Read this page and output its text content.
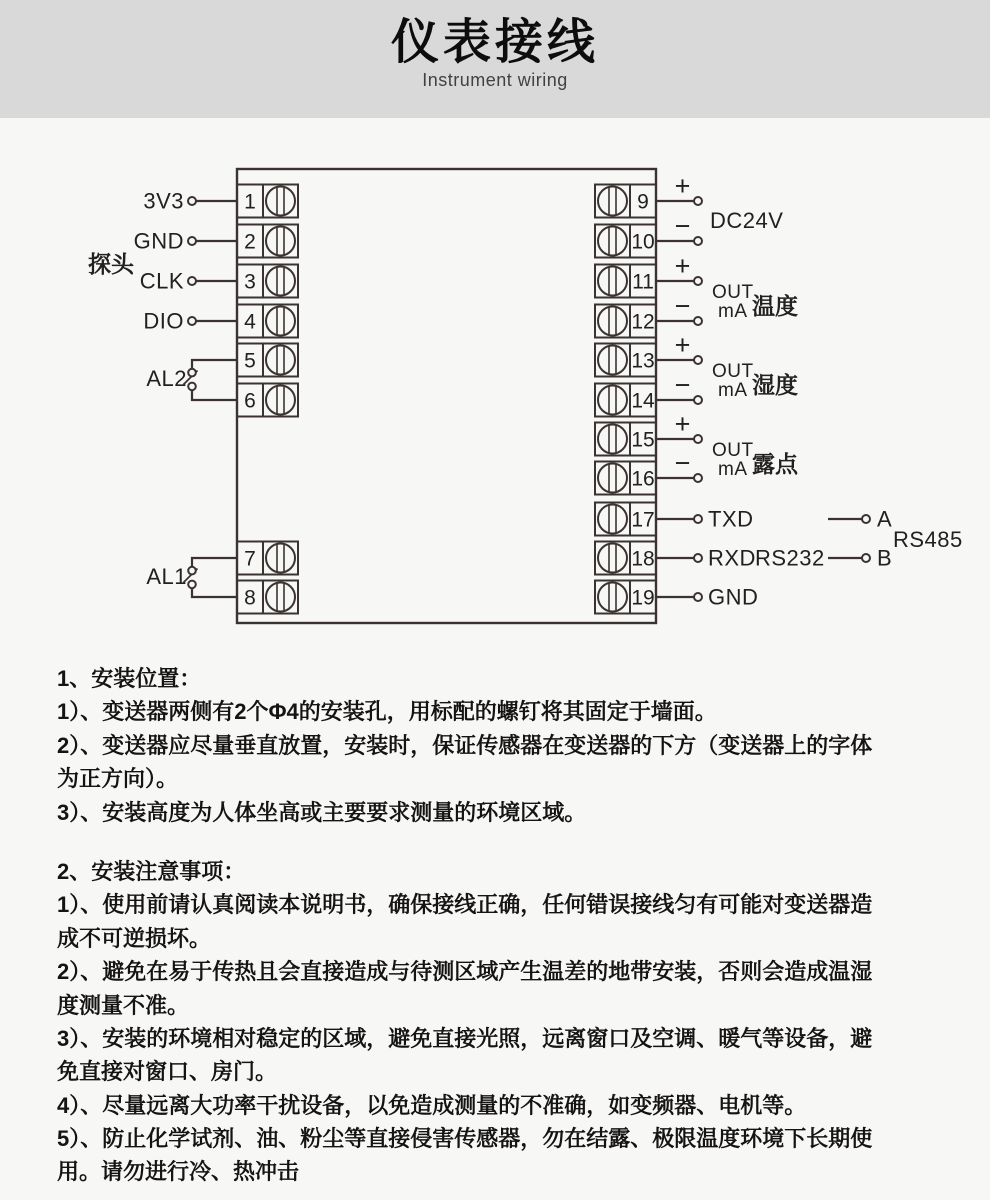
仪表接线
Instrument wiring
3V3
GND
CLK
DIO
探头
AL2
AL1
1
2
3
4
5
6
7
8
9
10
11
12
13
14
15
16
17
18
19
+
− DC24V
+
− OUT
mA 温度
+
− OUT
mA 湿度
+
− OUT
mA 露点
TXD
RXD RS232
GND
A
B
RS485
1、安装位置：
1）、变送器两侧有2个Φ4的安装孔，用标配的螺钉将其固定于墙面。
2）、变送器应尽量垂直放置，安装时，保证传感器在变送器的下方（变送器上的字体
为正方向）。
3）、安装高度为人体坐高或主要要求测量的环境区域。
2、安装注意事项：
1）、使用前请认真阅读本说明书，确保接线正确，任何错误接线匀有可能对变送器造
成不可逆损坏。
2）、避免在易于传热且会直接造成与待测区域产生温差的地带安装，否则会造成温湿
度测量不准。
3）、安装的环境相对稳定的区域，避免直接光照，远离窗口及空调、暖气等设备，避
免直接对窗口、房门。
4）、尽量远离大功率干扰设备，以免造成测量的不准确，如变频器、电机等。
5）、防止化学试剂、油、粉尘等直接侵害传感器，勿在结露、极限温度环境下长期使
用。请勿进行冷、热冲击
